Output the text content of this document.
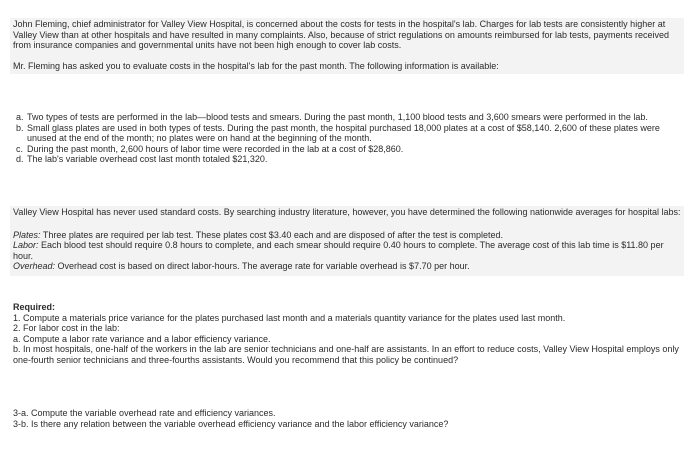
John Fleming, chief administrator for Valley View Hospital, is concerned about the costs for tests in the hospital's lab. Charges for lab tests are consistently higher at Valley View than at other hospitals and have resulted in many complaints. Also, because of strict regulations on amounts reimbursed for lab tests, payments received from insurance companies and governmental units have not been high enough to cover lab costs.

Mr. Fleming has asked you to evaluate costs in the hospital's lab for the past month. The following information is available:

a. Two types of tests are performed in the lab—blood tests and smears. During the past month, 1,100 blood tests and 3,600 smears were performed in the lab.
b. Small glass plates are used in both types of tests. During the past month, the hospital purchased 18,000 plates at a cost of $58,140. 2,600 of these plates were unused at the end of the month; no plates were on hand at the beginning of the month.
c. During the past month, 2,600 hours of labor time were recorded in the lab at a cost of $28,860.
d. The lab's variable overhead cost last month totaled $21,320.

Valley View Hospital has never used standard costs. By searching industry literature, however, you have determined the following nationwide averages for hospital labs:

Plates: Three plates are required per lab test. These plates cost $3.40 each and are disposed of after the test is completed.

Labor: Each blood test should require 0.8 hours to complete, and each smear should require 0.40 hours to complete. The average cost of this lab time is $11.80 per hour.

Overhead: Overhead cost is based on direct labor-hours. The average rate for variable overhead is $7.70 per hour.

Required:

1. Compute a materials price variance for the plates purchased last month and a materials quantity variance for the plates used last month.

2. For labor cost in the lab:

a. Compute a labor rate variance and a labor efficiency variance.

b. In most hospitals, one-half of the workers in the lab are senior technicians and one-half are assistants. In an effort to reduce costs, Valley View Hospital employs only one-fourth senior technicians and three-fourths assistants. Would you recommend that this policy be continued?

3-a. Compute the variable overhead rate and efficiency variances.

3-b. Is there any relation between the variable overhead efficiency variance and the labor efficiency variance?
